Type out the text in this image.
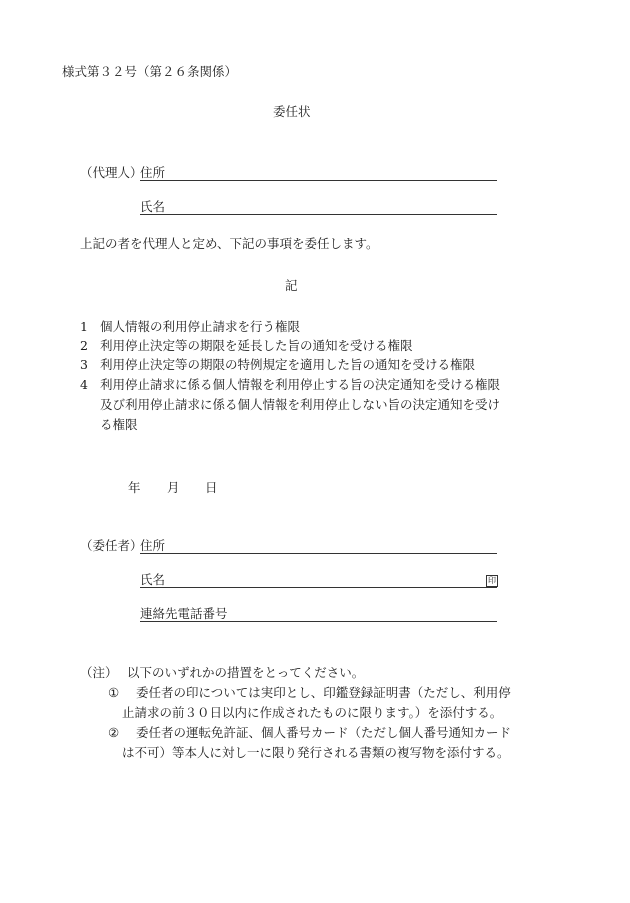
様式第３２号（第２６条関係）
委任状
（代理人）
住所
氏名
上記の者を代理人と定め、下記の事項を委任します。
記
1 個人情報の利用停止請求を行う権限
2 利用停止決定等の期限を延長した旨の通知を受ける権限
3 利用停止決定等の期限の特例規定を適用した旨の通知を受ける権限
4 利用停止請求に係る個人情報を利用停止する旨の決定通知を受ける権限
及び利用停止請求に係る個人情報を利用停止しない旨の決定通知を受け
る権限
年 月 日
（委任者）
住所
氏名	印
連絡先電話番号
（注） 以下のいずれかの措置をとってください。
① 委任者の印については実印とし、印鑑登録証明書（ただし、利用停
止請求の前３０日以内に作成されたものに限ります。）を添付する。
② 委任者の運転免許証、個人番号カード（ただし個人番号通知カード
は不可）等本人に対し一に限り発行される書類の複写物を添付する。
